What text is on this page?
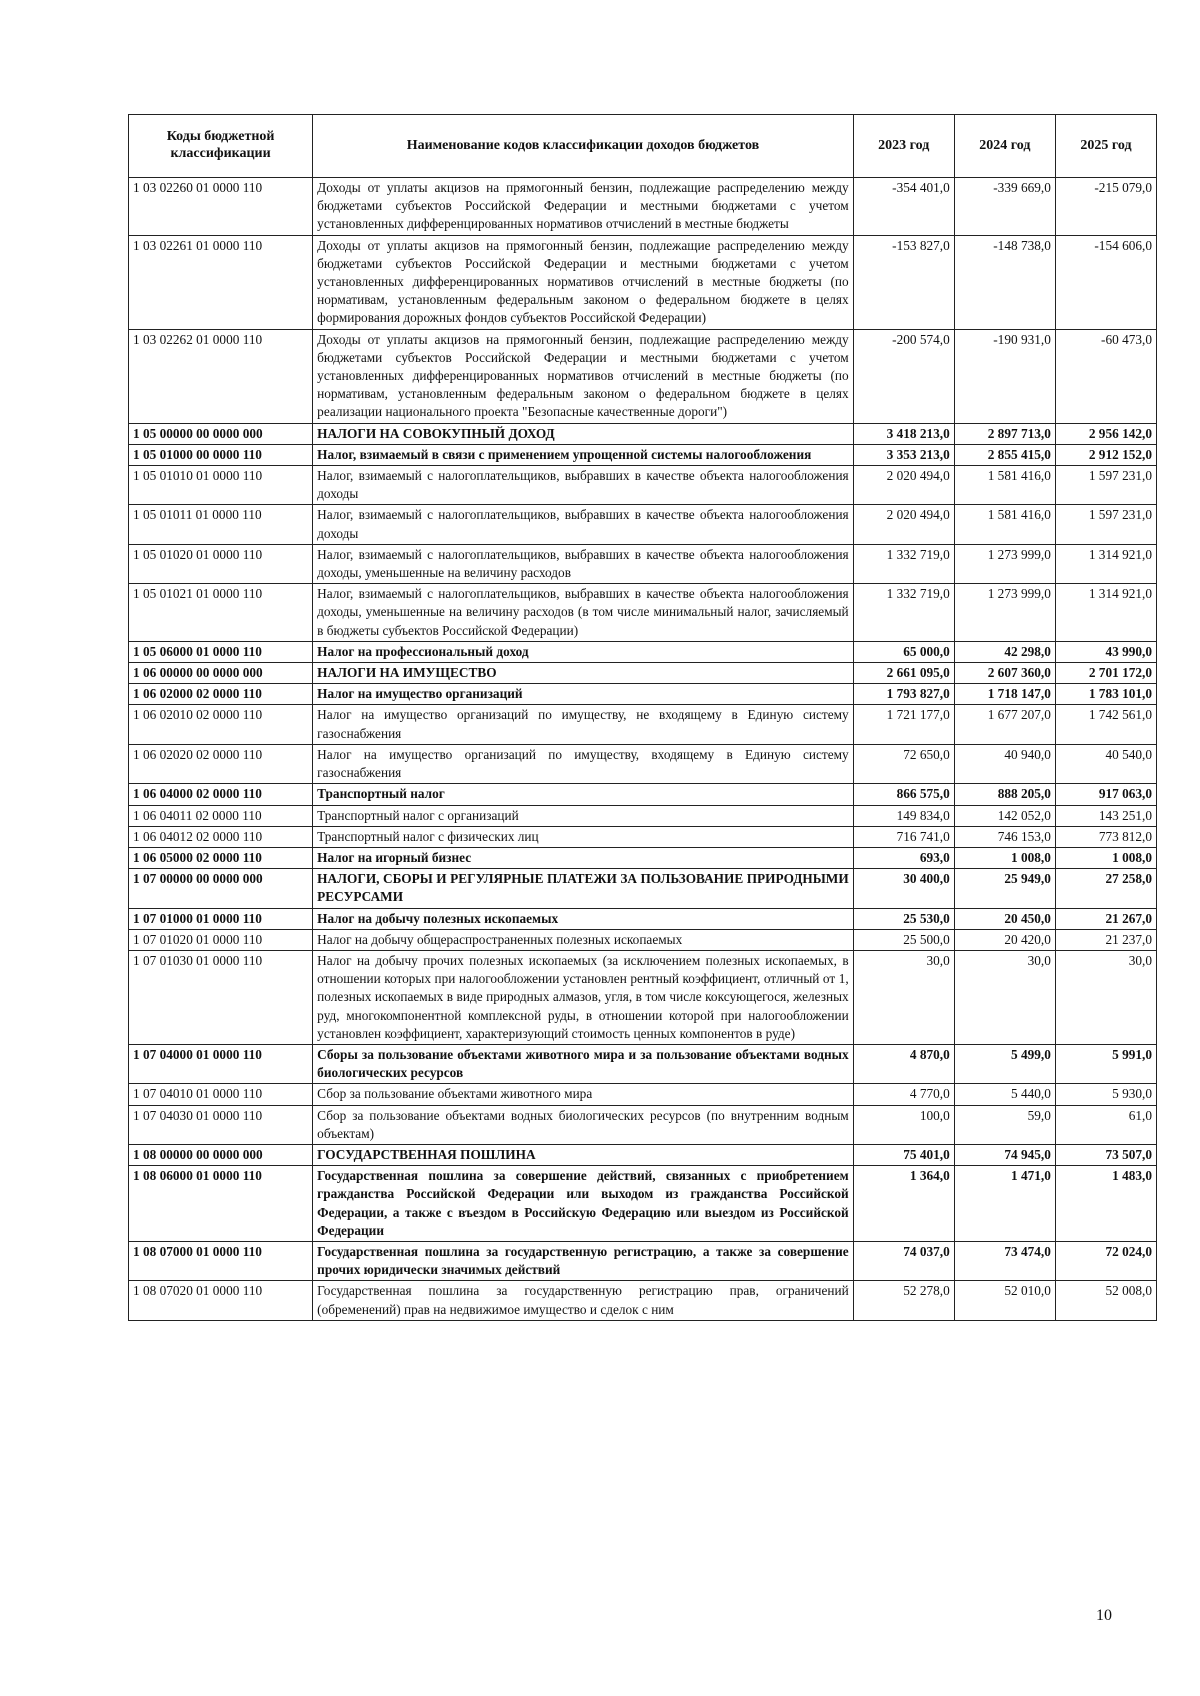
Коды бюджетной классификации	Наименование кодов классификации доходов бюджетов	2023 год	2024 год	2025 год
1 03 02260 01 0000 110	Доходы от уплаты акцизов на прямогонный бензин, подлежащие распределению между бюджетами субъектов Российской Федерации и местными бюджетами с учетом установленных дифференцированных нормативов отчислений в местные бюджеты	-354 401,0	-339 669,0	-215 079,0
1 03 02261 01 0000 110	Доходы от уплаты акцизов на прямогонный бензин, подлежащие распределению между бюджетами субъектов Российской Федерации и местными бюджетами с учетом установленных дифференцированных нормативов отчислений в местные бюджеты (по нормативам, установленным федеральным законом о федеральном бюджете в целях формирования дорожных фондов субъектов Российской Федерации)	-153 827,0	-148 738,0	-154 606,0
1 03 02262 01 0000 110	Доходы от уплаты акцизов на прямогонный бензин, подлежащие распределению между бюджетами субъектов Российской Федерации и местными бюджетами с учетом установленных дифференцированных нормативов отчислений в местные бюджеты (по нормативам, установленным федеральным законом о федеральном бюджете в целях реализации национального проекта "Безопасные качественные дороги")	-200 574,0	-190 931,0	-60 473,0
1 05 00000 00 0000 000	НАЛОГИ НА СОВОКУПНЫЙ ДОХОД	3 418 213,0	2 897 713,0	2 956 142,0
1 05 01000 00 0000 110	Налог, взимаемый в связи с применением упрощенной системы налогообложения	3 353 213,0	2 855 415,0	2 912 152,0
1 05 01010 01 0000 110	Налог, взимаемый с налогоплательщиков, выбравших в качестве объекта налогообложения доходы	2 020 494,0	1 581 416,0	1 597 231,0
1 05 01011 01 0000 110	Налог, взимаемый с налогоплательщиков, выбравших в качестве объекта налогообложения доходы	2 020 494,0	1 581 416,0	1 597 231,0
1 05 01020 01 0000 110	Налог, взимаемый с налогоплательщиков, выбравших в качестве объекта налогообложения доходы, уменьшенные на величину расходов	1 332 719,0	1 273 999,0	1 314 921,0
1 05 01021 01 0000 110	Налог, взимаемый с налогоплательщиков, выбравших в качестве объекта налогообложения доходы, уменьшенные на величину расходов (в том числе минимальный налог, зачисляемый в бюджеты субъектов Российской Федерации)	1 332 719,0	1 273 999,0	1 314 921,0
1 05 06000 01 0000 110	Налог на профессиональный доход	65 000,0	42 298,0	43 990,0
1 06 00000 00 0000 000	НАЛОГИ НА ИМУЩЕСТВО	2 661 095,0	2 607 360,0	2 701 172,0
1 06 02000 02 0000 110	Налог на имущество организаций	1 793 827,0	1 718 147,0	1 783 101,0
1 06 02010 02 0000 110	Налог на имущество организаций по имуществу, не входящему в Единую систему газоснабжения	1 721 177,0	1 677 207,0	1 742 561,0
1 06 02020 02 0000 110	Налог на имущество организаций по имуществу, входящему в Единую систему газоснабжения	72 650,0	40 940,0	40 540,0
1 06 04000 02 0000 110	Транспортный налог	866 575,0	888 205,0	917 063,0
1 06 04011 02 0000 110	Транспортный налог с организаций	149 834,0	142 052,0	143 251,0
1 06 04012 02 0000 110	Транспортный налог с физических лиц	716 741,0	746 153,0	773 812,0
1 06 05000 02 0000 110	Налог на игорный бизнес	693,0	1 008,0	1 008,0
1 07 00000 00 0000 000	НАЛОГИ, СБОРЫ И РЕГУЛЯРНЫЕ ПЛАТЕЖИ ЗА ПОЛЬЗОВАНИЕ ПРИРОДНЫМИ РЕСУРСАМИ	30 400,0	25 949,0	27 258,0
1 07 01000 01 0000 110	Налог на добычу полезных ископаемых	25 530,0	20 450,0	21 267,0
1 07 01020 01 0000 110	Налог на добычу общераспространенных полезных ископаемых	25 500,0	20 420,0	21 237,0
1 07 01030 01 0000 110	Налог на добычу прочих полезных ископаемых (за исключением полезных ископаемых, в отношении которых при налогообложении установлен рентный коэффициент, отличный от 1, полезных ископаемых в виде природных алмазов, угля, в том числе коксующегося, железных руд, многокомпонентной комплексной руды, в отношении которой при налогообложении установлен коэффициент, характеризующий стоимость ценных компонентов в руде)	30,0	30,0	30,0
1 07 04000 01 0000 110	Сборы за пользование объектами животного мира и за пользование объектами водных биологических ресурсов	4 870,0	5 499,0	5 991,0
1 07 04010 01 0000 110	Сбор за пользование объектами животного мира	4 770,0	5 440,0	5 930,0
1 07 04030 01 0000 110	Сбор за пользование объектами водных биологических ресурсов (по внутренним водным объектам)	100,0	59,0	61,0
1 08 00000 00 0000 000	ГОСУДАРСТВЕННАЯ ПОШЛИНА	75 401,0	74 945,0	73 507,0
1 08 06000 01 0000 110	Государственная пошлина за совершение действий, связанных с приобретением гражданства Российской Федерации или выходом из гражданства Российской Федерации, а также с въездом в Российскую Федерацию или выездом из Российской Федерации	1 364,0	1 471,0	1 483,0
1 08 07000 01 0000 110	Государственная пошлина за государственную регистрацию, а также за совершение прочих юридически значимых действий	74 037,0	73 474,0	72 024,0
1 08 07020 01 0000 110	Государственная пошлина за государственную регистрацию прав, ограничений (обременений) прав на недвижимое имущество и сделок с ним	52 278,0	52 010,0	52 008,0
10
